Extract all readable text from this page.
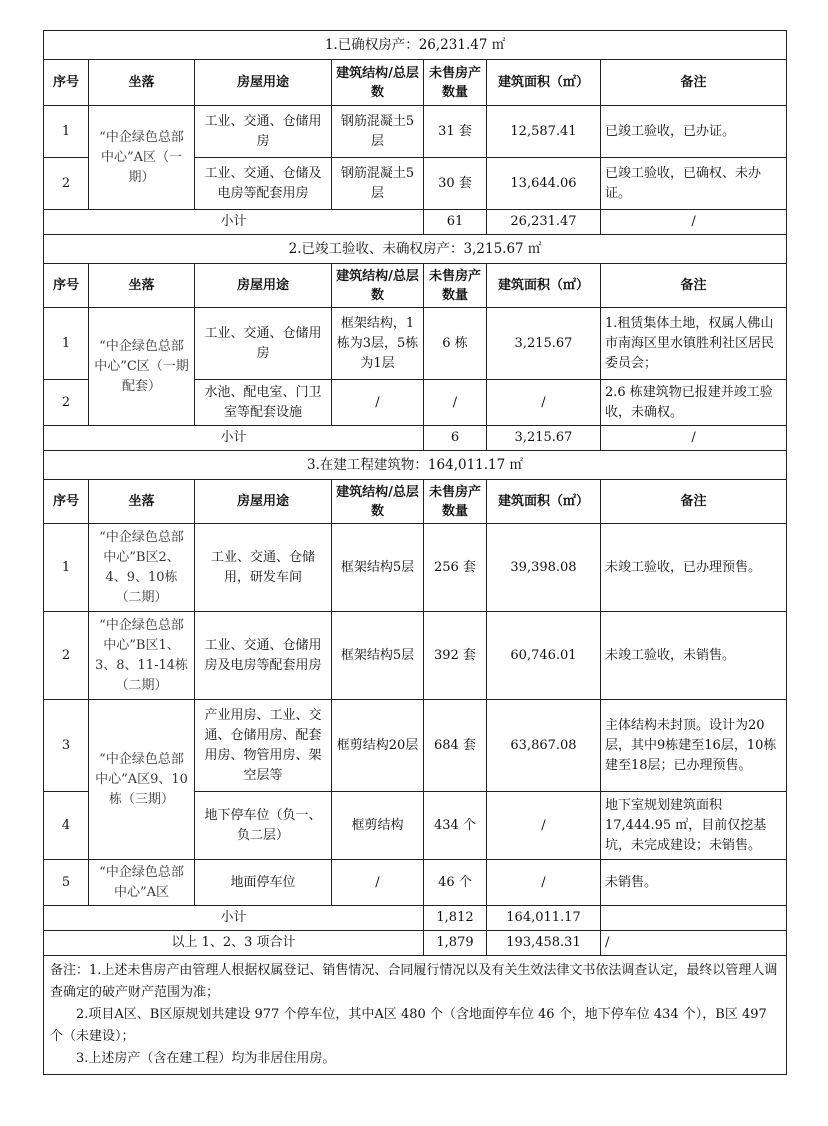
1.已确权房产：26,231.47 ㎡						
序号	坐落	房屋用途	建筑结构/总层数	未售房产数量	建筑面积（㎡）	备注
1	“中企绿色总部中心”A区（一期）	工业、交通、仓储用房	钢筋混凝土5层	31 套	12,587.41	已竣工验收，已办证。
2		工业、交通、仓储及电房等配套用房	钢筋混凝土5层	30 套	13,644.06	已竣工验收，已确权、未办证。
小计				61	26,231.47	/
2.已竣工验收、未确权房产：3,215.67 ㎡						
序号	坐落	房屋用途	建筑结构/总层数	未售房产数量	建筑面积（㎡）	备注
1	“中企绿色总部中心”C区（一期配套）	工业、交通、仓储用房	框架结构，1栋为3层，5栋为1层	6 栋	3,215.67	1.租赁集体土地，权属人佛山市南海区里水镇胜利社区居民委员会；
2		水池、配电室、门卫室等配套设施	/	/	/	2.6 栋建筑物已报建并竣工验收，未确权。
小计				6	3,215.67	/
3.在建工程建筑物：164,011.17 ㎡						
序号	坐落	房屋用途	建筑结构/总层数	未售房产数量	建筑面积（㎡）	备注
1	“中企绿色总部中心”B区2、4、9、10栋（二期）	工业、交通、仓储用，研发车间	框架结构5层	256 套	39,398.08	未竣工验收，已办理预售。
2	“中企绿色总部中心”B区1、3、8、11-14栋（二期）	工业、交通、仓储用房及电房等配套用房	框架结构5层	392 套	60,746.01	未竣工验收，未销售。
3	“中企绿色总部中心”A区9、10栋（三期）	产业用房、工业、交通、仓储用房、配套用房、物管用房、架空层等	框剪结构20层	684 套	63,867.08	主体结构未封顶。设计为20层，其中9栋建至16层，10栋建至18层；已办理预售。
4		地下停车位（负一、负二层）	框剪结构	434 个	/	地下室规划建筑面积17,444.95 ㎡，目前仅挖基坑，未完成建设；未销售。
5	“中企绿色总部中心”A区	地面停车位	/	46 个	/	未销售。
小计				1,812	164,011.17	
以上 1、2、3 项合计				1,879	193,458.31	/

备注：1.上述未售房产由管理人根据权属登记、销售情况、合同履行情况以及有关生效法律文书依法调查认定，最终以管理人调查确定的破产财产范围为准；
2.项目A区、B区原规划共建设 977 个停车位，其中A区 480 个（含地面停车位 46 个，地下停车位 434 个），B区 497 个（未建设）；
3.上述房产（含在建工程）均为非居住用房。						
